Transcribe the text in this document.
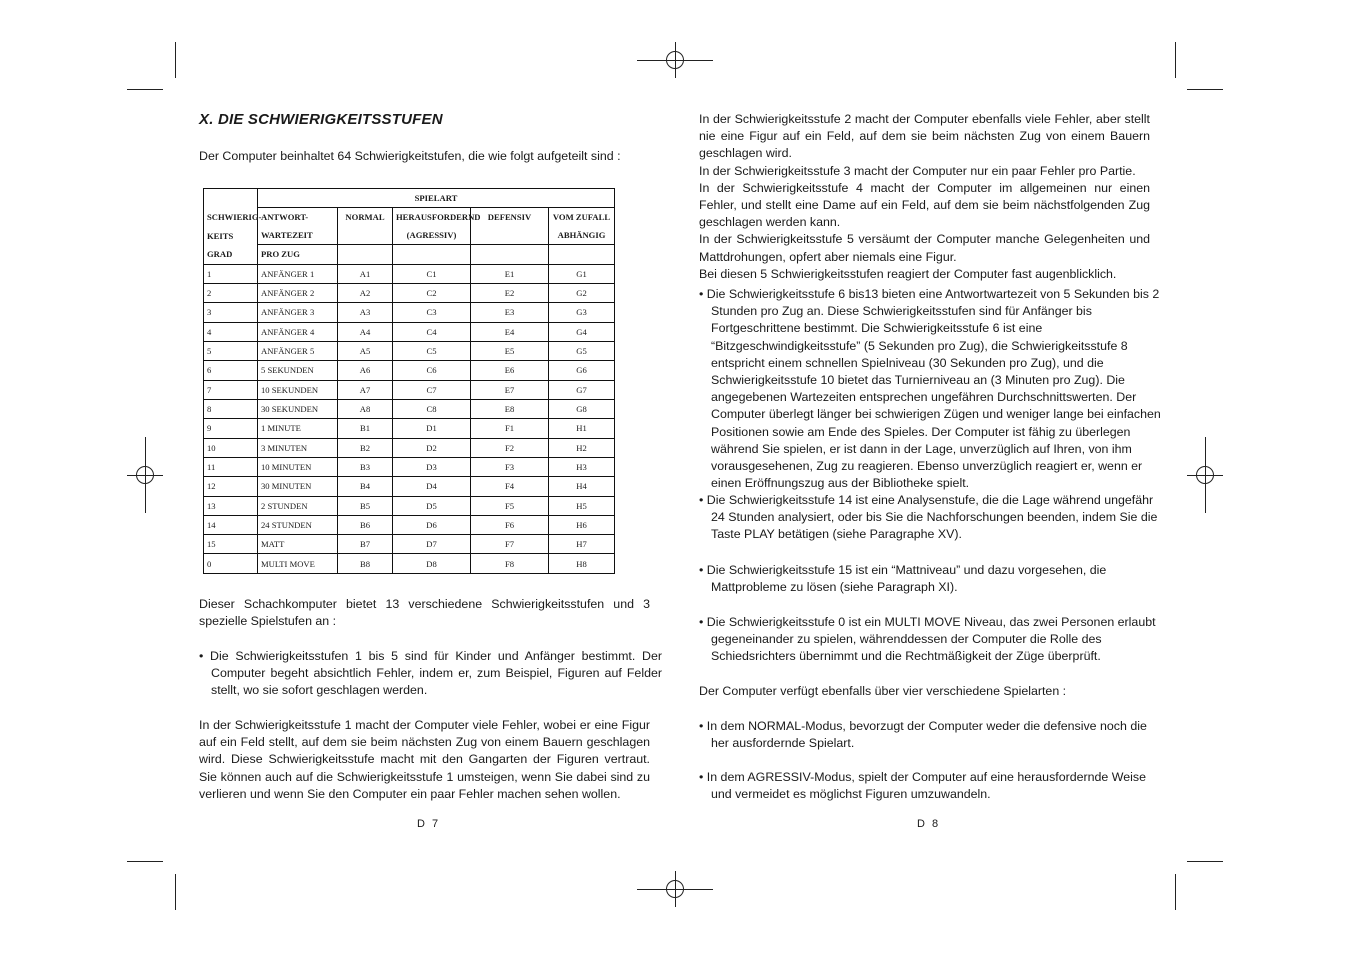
X. DIE SCHWIERIGKEITSSTUFEN
Der Computer beinhaltet 64 Schwierigkeitstufen, die wie folgt aufgeteilt sind :
	SPIELART				
SCHWIERIG-	ANTWORT-	NORMAL	HERAUSFORDERND	DEFENSIV	VOM ZUFALL
KEITS	WARTEZEIT		(AGRESSIV)		ABHÄNGIG
GRAD	PRO ZUG				
1	ANFÄNGER 1	A1	C1	E1	G1
2	ANFÄNGER 2	A2	C2	E2	G2
3	ANFÄNGER 3	A3	C3	E3	G3
4	ANFÄNGER 4	A4	C4	E4	G4
5	ANFÄNGER 5	A5	C5	E5	G5
6	5 SEKUNDEN	A6	C6	E6	G6
7	10 SEKUNDEN	A7	C7	E7	G7
8	30 SEKUNDEN	A8	C8	E8	G8
9	1 MINUTE	B1	D1	F1	H1
10	3 MINUTEN	B2	D2	F2	H2
11	10 MINUTEN	B3	D3	F3	H3
12	30 MINUTEN	B4	D4	F4	H4
13	2 STUNDEN	B5	D5	F5	H5
14	24 STUNDEN	B6	D6	F6	H6
15	MATT	B7	D7	F7	H7
0	MULTI MOVE	B8	D8	F8	H8

Dieser Schachkomputer bietet 13 verschiedene Schwierigkeitsstufen und 3 spezielle Spielstufen an :

• Die Schwierigkeitsstufen 1 bis 5 sind für Kinder und Anfänger bestimmt. Der Computer begeht absichtlich Fehler, indem er, zum Beispiel, Figuren auf Felder stellt, wo sie sofort geschlagen werden.

In der Schwierigkeitsstufe 1 macht der Computer viele Fehler, wobei er eine Figur auf ein Feld stellt, auf dem sie beim nächsten Zug von einem Bauern geschlagen wird. Diese Schwierigkeitsstufe macht mit den Gangarten der Figuren vertraut. Sie können auch auf die Schwierigkeitsstufe 1 umsteigen, wenn Sie dabei sind zu verlieren und wenn Sie den Computer ein paar Fehler machen sehen wollen.

D 7

In der Schwierigkeitsstufe 2 macht der Computer ebenfalls viele Fehler, aber stellt nie eine Figur auf ein Feld, auf dem sie beim nächsten Zug von einem Bauern geschlagen wird.

In der Schwierigkeitsstufe 3 macht der Computer nur ein paar Fehler pro Partie.

In der Schwierigkeitsstufe 4 macht der Computer im allgemeinen nur einen Fehler, und stellt eine Dame auf ein Feld, auf dem sie beim nächstfolgenden Zug geschlagen werden kann.

In der Schwierigkeitsstufe 5 versäumt der Computer manche Gelegenheiten und Mattdrohungen, opfert aber niemals eine Figur.

Bei diesen 5 Schwierigkeitsstufen reagiert der Computer fast augenblicklich.

• Die Schwierigkeitsstufe 6 bis13 bieten eine Antwortwartezeit von 5 Sekunden bis 2 Stunden pro Zug an. Diese Schwierigkeitsstufen sind für Anfänger bis Fortgeschrittene bestimmt. Die Schwierigkeitsstufe 6 ist eine “Bitzgeschwindigkeitsstufe” (5 Sekunden pro Zug), die Schwierigkeitsstufe 8 entspricht einem schnellen Spielniveau (30 Sekunden pro Zug), und die Schwierigkeitsstufe 10 bietet das Turnierniveau an (3 Minuten pro Zug). Die angegebenen Wartezeiten entsprechen ungefähren Durchschnittswerten. Der Computer überlegt länger bei schwierigen Zügen und weniger lange bei einfachen Positionen sowie am Ende des Spieles. Der Computer ist fähig zu überlegen während Sie spielen, er ist dann in der Lage, unverzüglich auf Ihren, von ihm vorausgesehenen, Zug zu reagieren. Ebenso unverzüglich reagiert er, wenn er einen Eröffnungszug aus der Bibliotheke spielt.

• Die Schwierigkeitsstufe 14 ist eine Analysenstufe, die die Lage während ungefähr 24 Stunden analysiert, oder bis Sie die Nachforschungen beenden, indem Sie die Taste PLAY betätigen (siehe Paragraphe XV).

• Die Schwierigkeitsstufe 15 ist ein “Mattniveau” und dazu vorgesehen, die Mattprobleme zu lösen (siehe Paragraph XI).

• Die Schwierigkeitsstufe 0 ist ein MULTI MOVE Niveau, das zwei Personen erlaubt gegeneinander zu spielen, währenddessen der Computer die Rolle des Schiedsrichters übernimmt und die Rechtmäßigkeit der Züge überprüft.

Der Computer verfügt ebenfalls über vier verschiedene Spielarten :

• In dem NORMAL-Modus, bevorzugt der Computer weder die defensive noch die her ausfordernde Spielart.

• In dem AGRESSIV-Modus, spielt der Computer auf eine herausfordernde Weise und vermeidet es möglichst Figuren umzuwandeln.

D 8
